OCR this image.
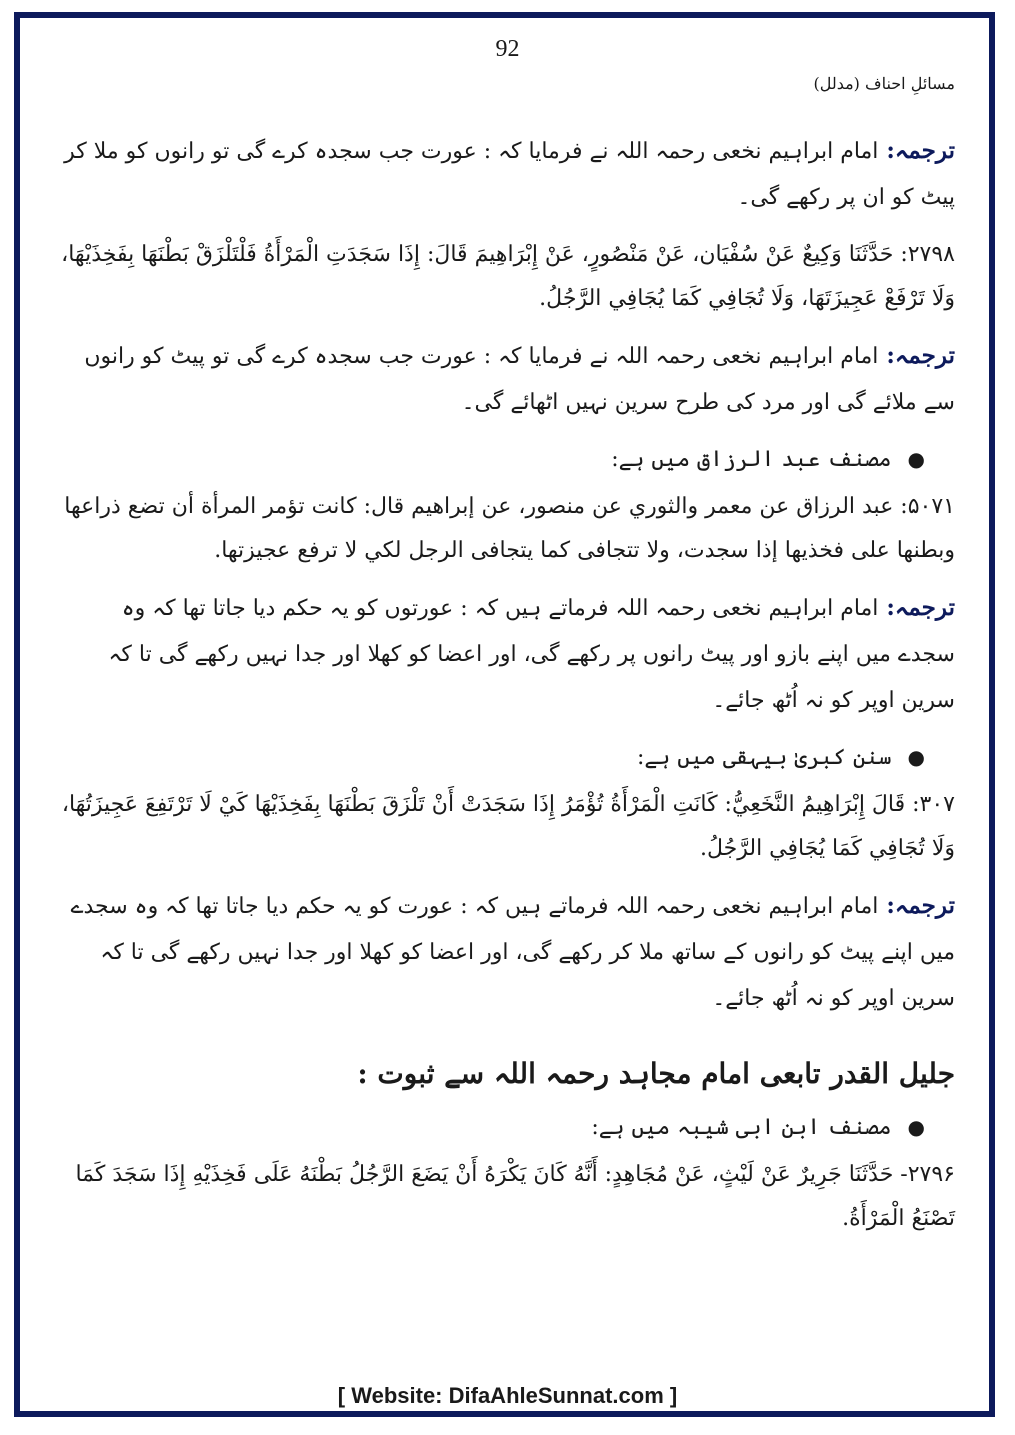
92
مسائلِ احناف (مدلل)
ترجمہ:امام ابراہیم نخعی رحمہ اللہ نے فرمایا کہ : عورت جب سجدہ کرے گی تو رانوں کو ملا کر پیٹ کو ان پر رکھے گی۔
۲۷۹۸: حَدَّثَنَا وَكِيعٌ عَنْ سُفْيَان، عَنْ مَنْصُورٍ، عَنْ إِبْرَاهِيمَ قَالَ: إِذَا سَجَدَتِ الْمَرْأَةُ فَلْتَلْزَقْ بَطْنَهَا بِفَخِذَيْهَا، وَلَا تَرْفَعْ عَجِيزَتَهَا، وَلَا تُجَافِي كَمَا يُجَافِي الرَّجُلُ.
ترجمہ:امام ابراہیم نخعی رحمہ اللہ نے فرمایا کہ : عورت جب سجدہ کرے گی تو پیٹ کو رانوں سے ملائے گی اور مرد کی طرح سرین نہیں اٹھائے گی۔
●مصنف عبد الرزاق میں ہے:
۵۰۷۱: عبد الرزاق عن معمر والثوري عن منصور، عن إبراهيم قال: كانت تؤمر المرأة أن تضع ذراعها وبطنها على فخذيها إذا سجدت، ولا تتجافى كما يتجافى الرجل لكي لا ترفع عجيزتها.
ترجمہ:امام ابراہیم نخعی رحمہ اللہ فرماتے ہیں کہ : عورتوں کو یہ حکم دیا جاتا تھا کہ وہ سجدے میں اپنے بازو اور پیٹ رانوں پر رکھے گی، اور اعضا کو کھلا اور جدا نہیں رکھے گی تا کہ سرین اوپر کو نہ اُٹھ جائے۔
●سنن کبریٰ بیہقی میں ہے:
۳۰۷: قَالَ إِبْرَاهِيمُ النَّخَعِيُّ: كَانَتِ الْمَرْأَةُ تُؤْمَرُ إِذَا سَجَدَتْ أَنْ تَلْزَقَ بَطْنَهَا بِفَخِذَيْهَا كَيْ لَا تَرْتَفِعَ عَجِيزَتُهَا، وَلَا تُجَافِي كَمَا يُجَافِي الرَّجُلُ.
ترجمہ:امام ابراہیم نخعی رحمہ اللہ فرماتے ہیں کہ : عورت کو یہ حکم دیا جاتا تھا کہ وہ سجدے میں اپنے پیٹ کو رانوں کے ساتھ ملا کر رکھے گی، اور اعضا کو کھلا اور جدا نہیں رکھے گی تا کہ سرین اوپر کو نہ اُٹھ جائے۔
جلیل القدر تابعی امام مجاہد رحمہ اللہ سے ثبوت :
●مصنف ابن ابی شیبہ میں ہے:
۲۷۹۶- حَدَّثَنَا جَرِيرٌ عَنْ لَيْثٍ، عَنْ مُجَاهِدٍ: أَنَّهُ كَانَ يَكْرَهُ أَنْ يَضَعَ الرَّجُلُ بَطْنَهُ عَلَى فَخِذَيْهِ إِذَا سَجَدَ كَمَا تَصْنَعُ الْمَرْأَةُ.
[ Website: DifaAhleSunnat.com ]
